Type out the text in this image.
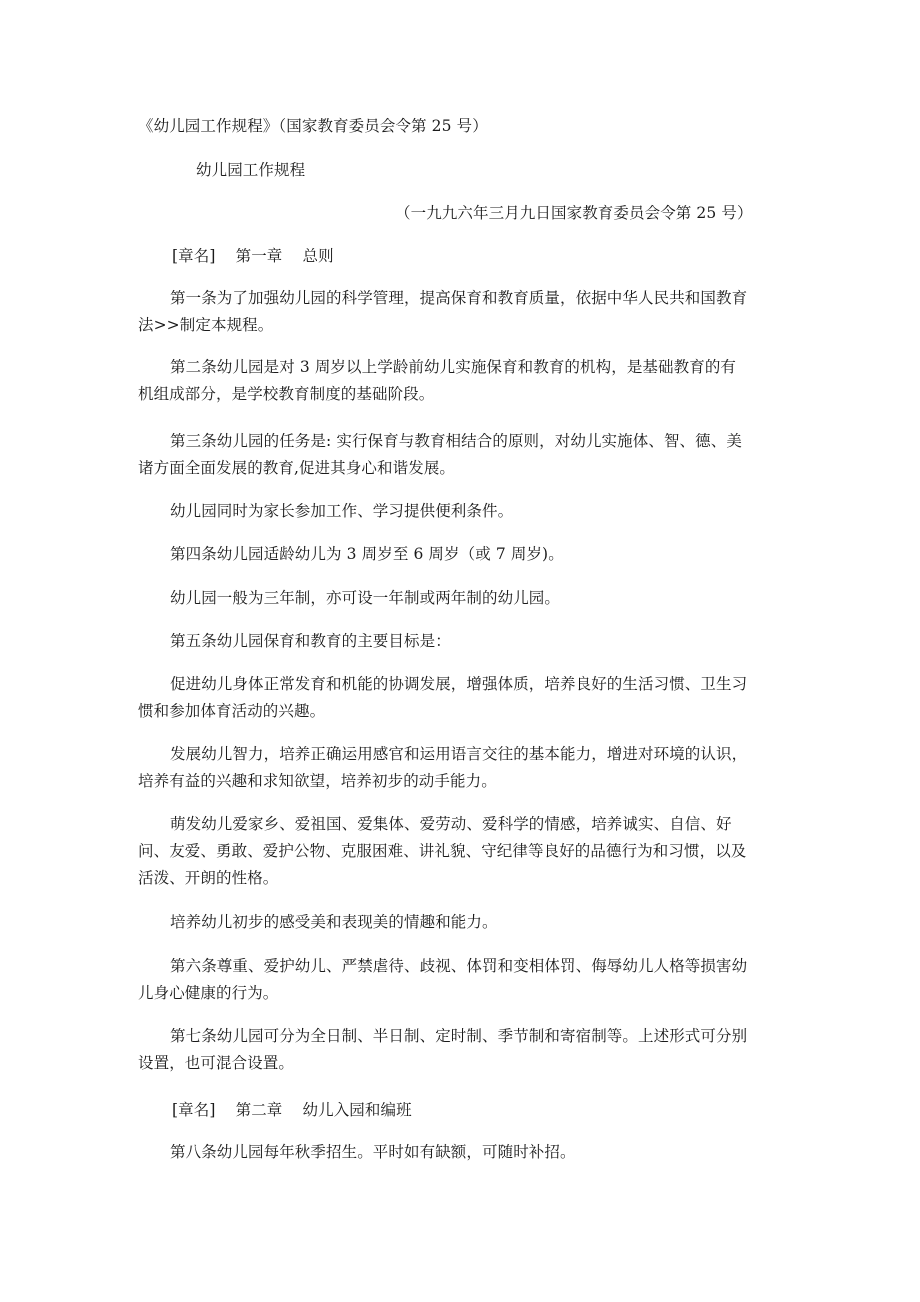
《幼儿园工作规程》（国家教育委员会令第 25 号）
幼儿园工作规程
（一九九六年三月九日国家教育委员会令第 25 号）
[章名]    第一章    总则
第一条为了加强幼儿园的科学管理，提高保育和教育质量，依据中华人民共和国教育法>>制定本规程。
第二条幼儿园是对 3 周岁以上学龄前幼儿实施保育和教育的机构，是基础教育的有机组成部分，是学校教育制度的基础阶段。
第三条幼儿园的任务是: 实行保育与教育相结合的原则，对幼儿实施体、智、德、美诸方面全面发展的教育,促进其身心和谐发展。
幼儿园同时为家长参加工作、学习提供便利条件。
第四条幼儿园适龄幼儿为 3 周岁至 6 周岁（或 7 周岁)。
幼儿园一般为三年制，亦可设一年制或两年制的幼儿园。
第五条幼儿园保育和教育的主要目标是：
促进幼儿身体正常发育和机能的协调发展，增强体质，培养良好的生活习惯、卫生习惯和参加体育活动的兴趣。
发展幼儿智力，培养正确运用感官和运用语言交往的基本能力，增进对环境的认识，培养有益的兴趣和求知欲望，培养初步的动手能力。
萌发幼儿爱家乡、爱祖国、爱集体、爱劳动、爱科学的情感，培养诚实、自信、好问、友爱、勇敢、爱护公物、克服困难、讲礼貌、守纪律等良好的品德行为和习惯，以及活泼、开朗的性格。
培养幼儿初步的感受美和表现美的情趣和能力。
第六条尊重、爱护幼儿、严禁虐待、歧视、体罚和变相体罚、侮辱幼儿人格等损害幼儿身心健康的行为。
第七条幼儿园可分为全日制、半日制、定时制、季节制和寄宿制等。上述形式可分别设置，也可混合设置。
[章名]    第二章    幼儿入园和编班
第八条幼儿园每年秋季招生。平时如有缺额，可随时补招。
